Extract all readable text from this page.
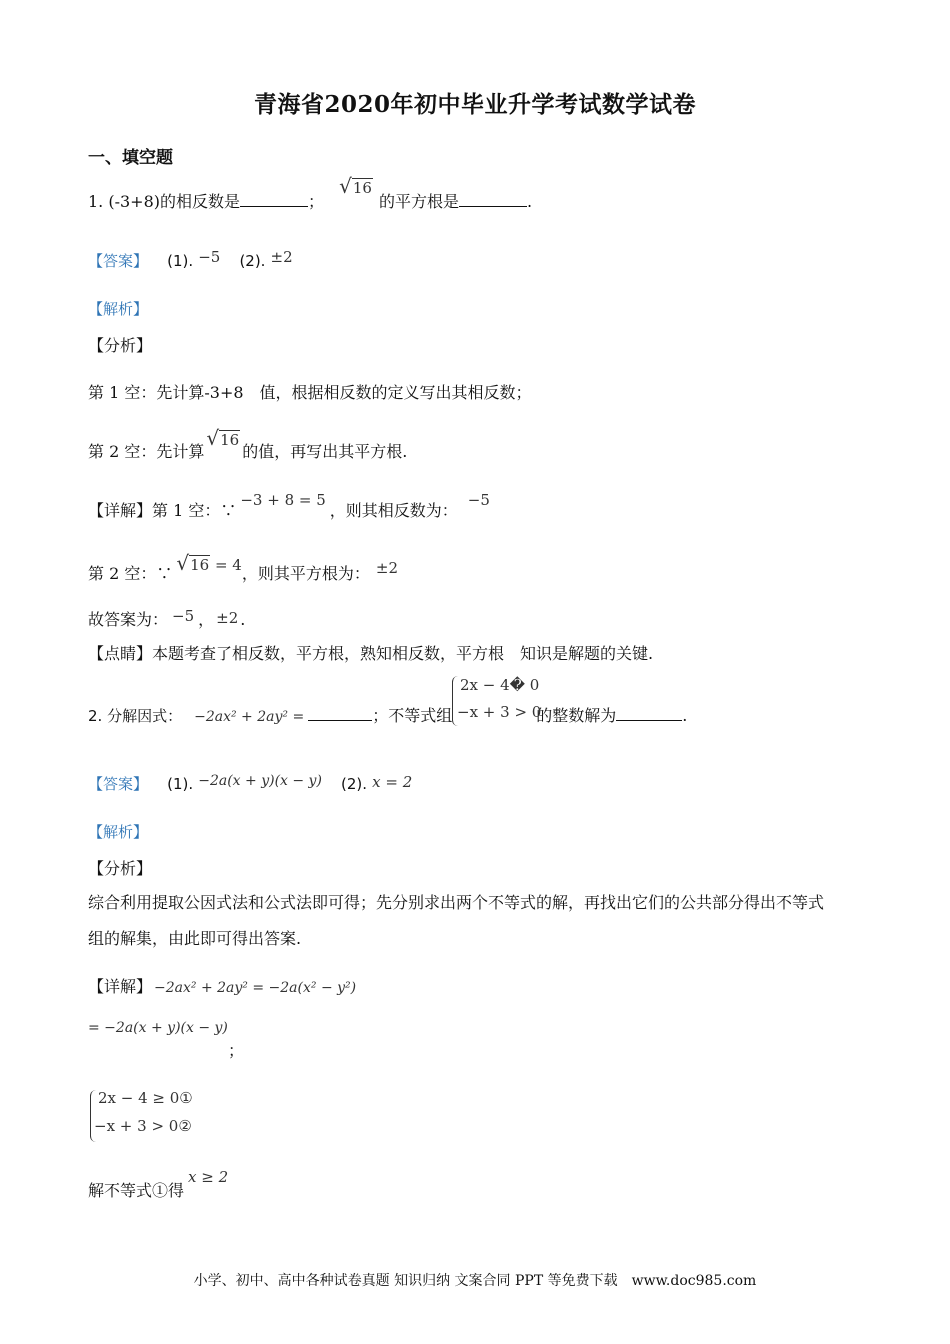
青海省2020年初中毕业升学考试数学试卷
一、填空题
1. (-3+8)的相反数是	； √16的平方根是	.
【答案】 (1). −5 (2). ±2
【解析】
【分析】
第 1 空：先计算-3+8　值，根据相反数的定义写出其相反数；
第 2 空：先计算√16的值，再写出其平方根.
【详解】第 1 空：∵−3 + 8 = 5，则其相反数为：−5
第 2 空：∵ √16 = 4，则其平方根为： ±2
故答案为： −5 ， ±2 .
【点睛】本题考查了相反数，平方根，熟知相反数，平方根　知识是解题的关键.
2. 分解因式： −2ax² + 2ay² =	；不等式组	的整数解为	.
2x − 4� 0
−x + 3 > 0
【答案】 (1). −2a(x + y)(x − y) (2). x = 2
【解析】
【分析】
综合利用提取公因式法和公式法即可得；先分别求出两个不等式的解，再找出它们的公共部分得出不等式
组的解集，由此即可得出答案.
【详解】 −2ax² + 2ay² = −2a(x² − y²)
= −2a(x + y)(x − y)
；
2x − 4 ≥ 0①
−x + 3 > 0②
解不等式①得x ≥ 2
小学、初中、高中各种试卷真题 知识归纳 文案合同 PPT 等免费下载　www.doc985.com
